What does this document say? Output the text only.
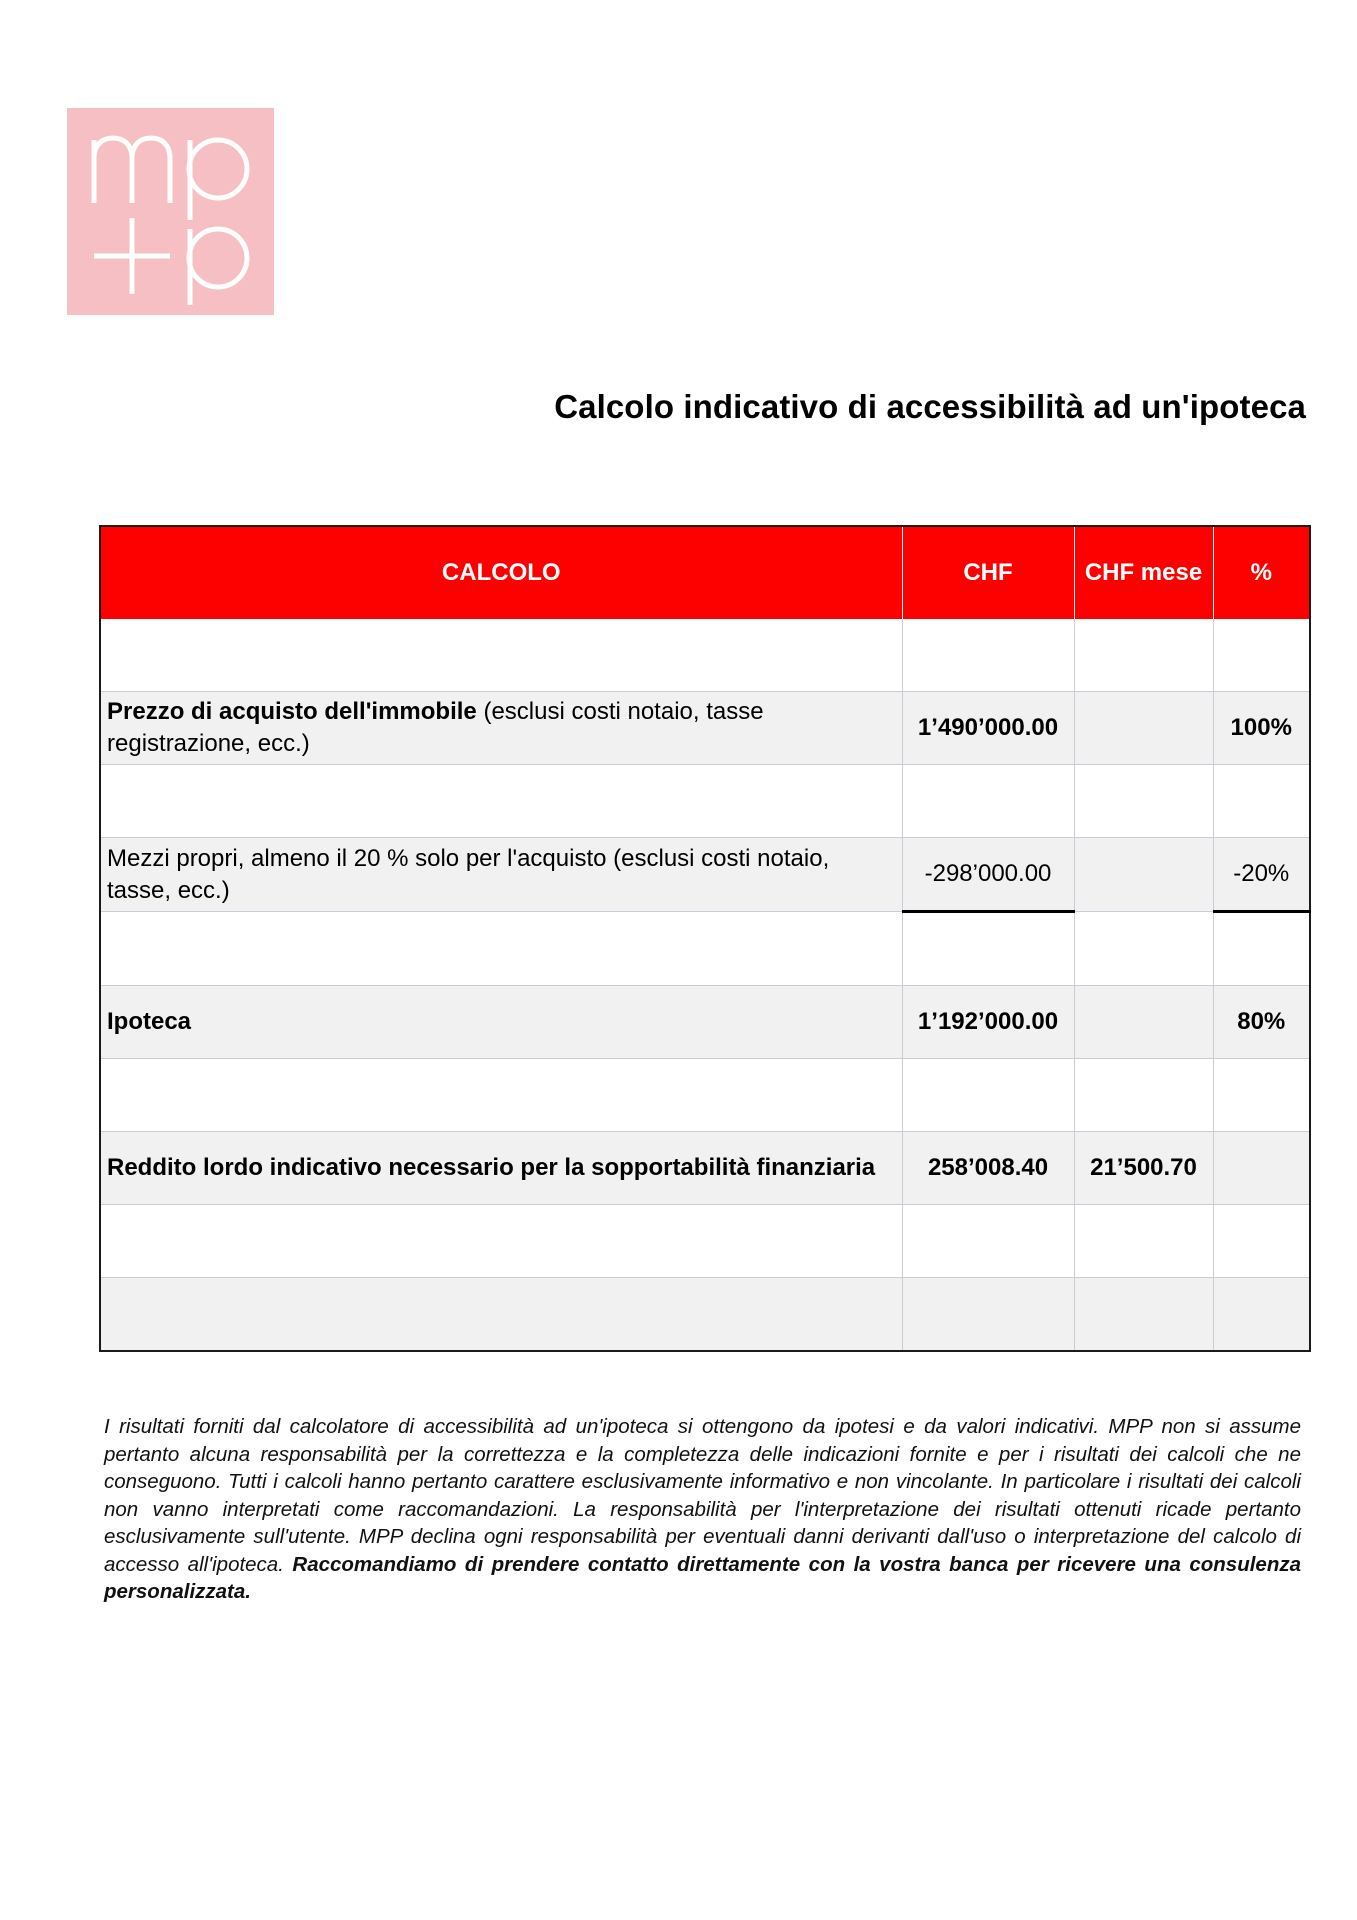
Calcolo indicativo di accessibilità ad un'ipoteca
CALCOLO	CHF	CHF mese	%

Prezzo di acquisto dell'immobile (esclusi costi notaio, tasse registrazione, ecc.)	1’490’000.00		100%

Mezzi propri, almeno il 20 % solo per l'acquisto (esclusi costi notaio, tasse, ecc.)	-298’000.00		-20%

Ipoteca	1’192’000.00		80%

Reddito lordo indicativo necessario per la sopportabilità finanziaria	258’008.40	21’500.70	

I risultati forniti dal calcolatore di accessibilità ad un'ipoteca si ottengono da ipotesi e da valori indicativi. MPP non si assume pertanto alcuna responsabilità per la correttezza e la completezza delle indicazioni fornite e per i risultati dei calcoli che ne conseguono. Tutti i calcoli hanno pertanto carattere esclusivamente informativo e non vincolante. In particolare i risultati dei calcoli non vanno interpretati come raccomandazioni. La responsabilità per l'interpretazione dei risultati ottenuti ricade pertanto esclusivamente sull'utente. MPP declina ogni responsabilità per eventuali danni derivanti dall'uso o interpretazione del calcolo di accesso all'ipoteca. Raccomandiamo di prendere contatto direttamente con la vostra banca per ricevere una consulenza personalizzata.
